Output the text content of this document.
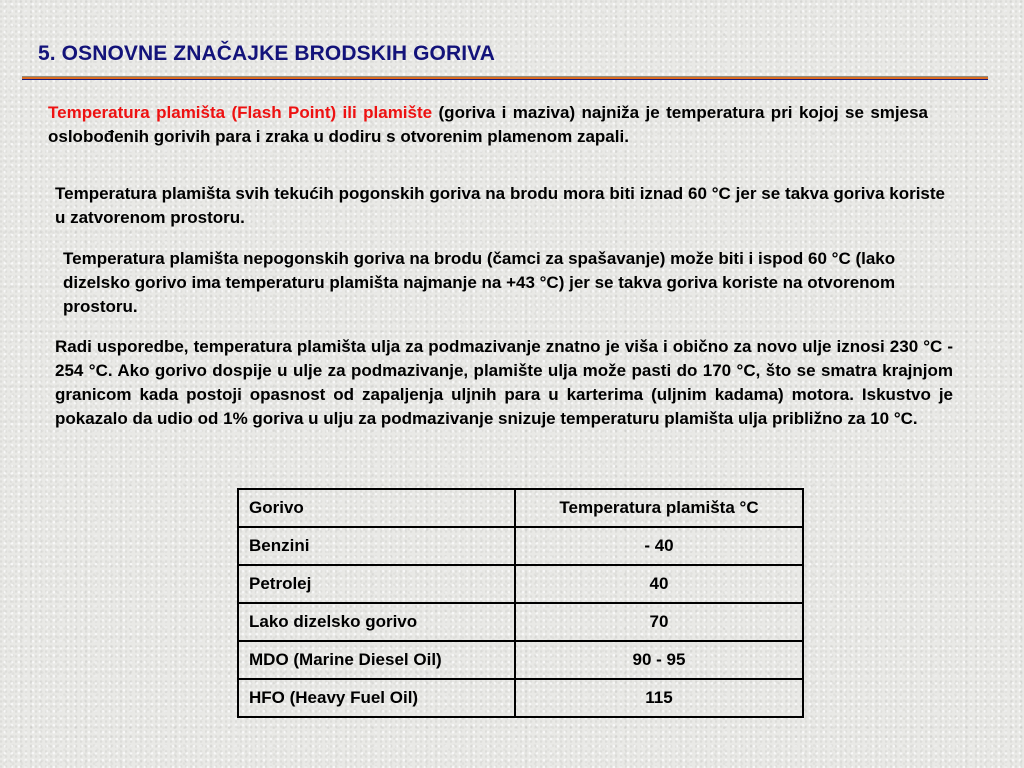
5. OSNOVNE ZNAČAJKE BRODSKIH GORIVA

Temperatura plamišta (Flash Point) ili plamište (goriva i maziva) najniža je temperatura pri kojoj se smjesa oslobođenih gorivih para i zraka u dodiru s otvorenim plamenom zapali.

Temperatura plamišta svih tekućih pogonskih goriva na brodu mora biti iznad 60 °C jer se takva goriva koriste u zatvorenom prostoru.

Temperatura plamišta nepogonskih goriva na brodu (čamci za spašavanje) može biti i ispod 60 °C (lako dizelsko gorivo ima temperaturu plamišta najmanje na +43 °C) jer se takva goriva koriste na otvorenom prostoru.

Radi usporedbe, temperatura plamišta ulja za podmazivanje znatno je viša i obično za novo ulje iznosi 230 °C - 254 °C. Ako gorivo dospije u ulje za podmazivanje, plamište ulja može pasti do 170 °C, što se smatra krajnjom granicom kada postoji opasnost od zapaljenja uljnih para u karterima (uljnim kadama) motora. Iskustvo je pokazalo da udio od 1% goriva u ulju za podmazivanje snizuje temperaturu plamišta ulja približno za 10 °C.

Gorivo	Temperatura plamišta °C
Benzini	- 40
Petrolej	40
Lako dizelsko gorivo	70
MDO (Marine Diesel Oil)	90 - 95
HFO (Heavy Fuel Oil)	115
